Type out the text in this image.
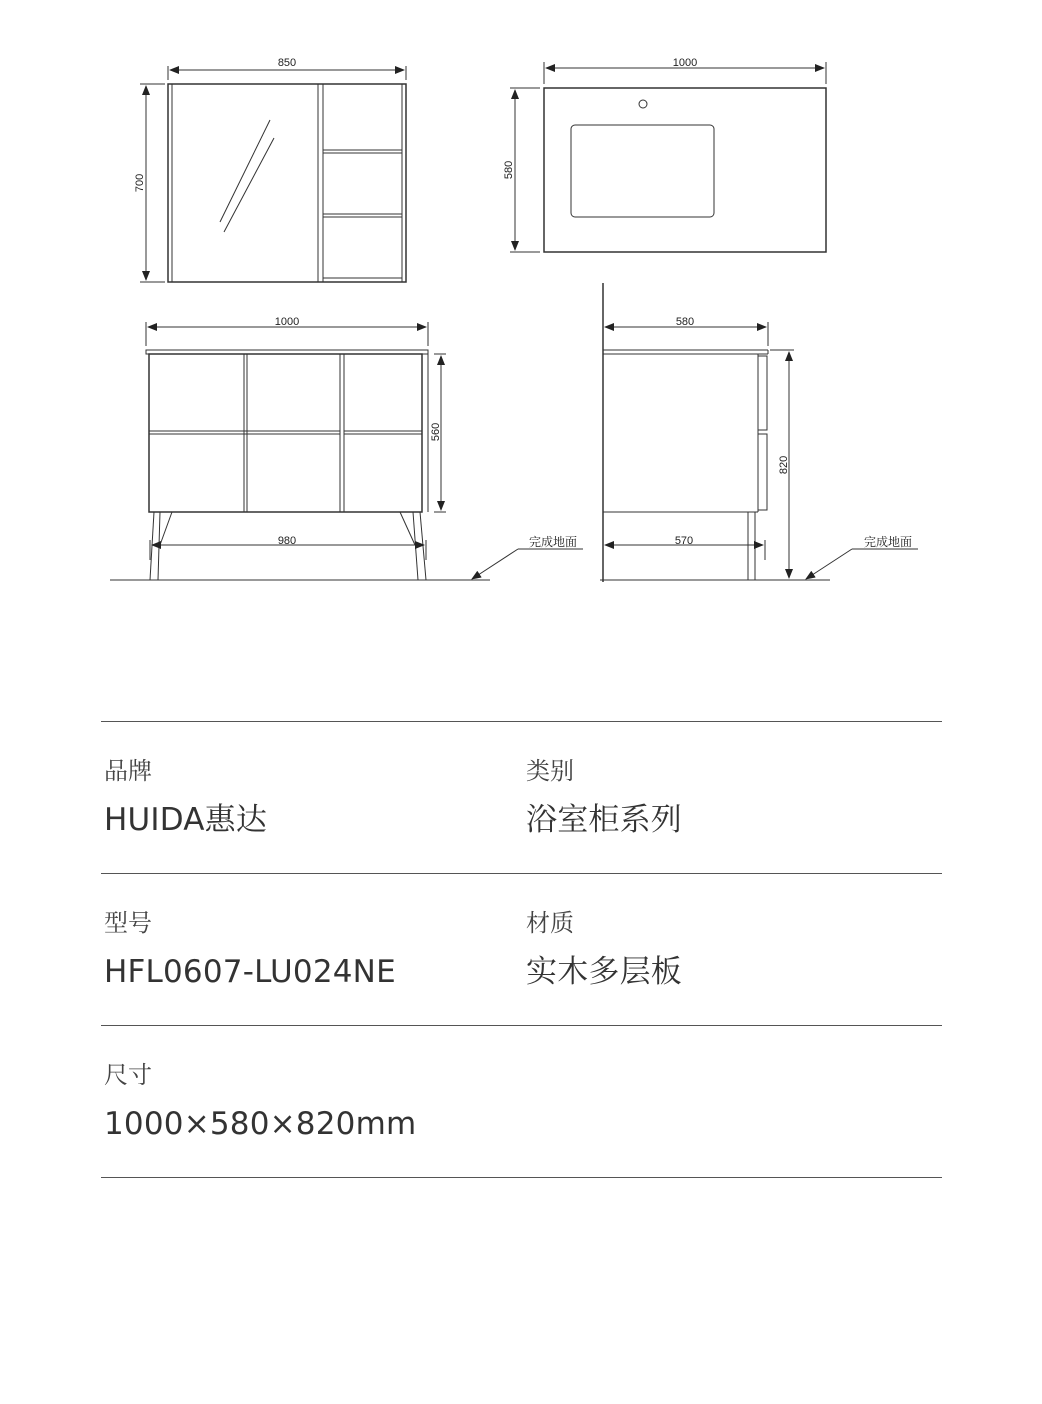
850
700
1000
580
1000
560
980
580
820
570
完成地面	完成地面
品牌
HUIDA惠达
类别
浴室柜系列
型号
HFL0607-LU024NE
材质
实木多层板
尺寸
1000×580×820mm
